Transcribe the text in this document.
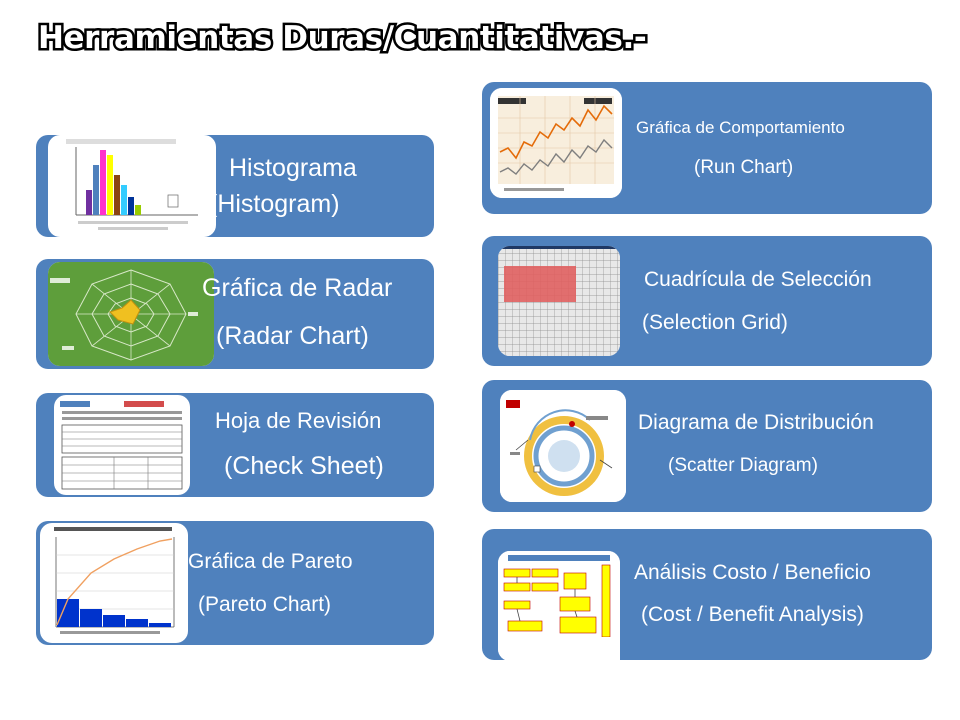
Herramientas Duras/Cuantitativas.-
Histograma
(Histogram)
Gráfica de Radar
(Radar Chart)
Hoja de Revisión
(Check Sheet)
Gráfica de Pareto
(Pareto Chart)
Gráfica de Comportamiento
(Run Chart)
Cuadrícula de Selección
(Selection Grid)
Diagrama de Distribución
(Scatter Diagram)
Análisis Costo / Beneficio
(Cost / Benefit Analysis)
